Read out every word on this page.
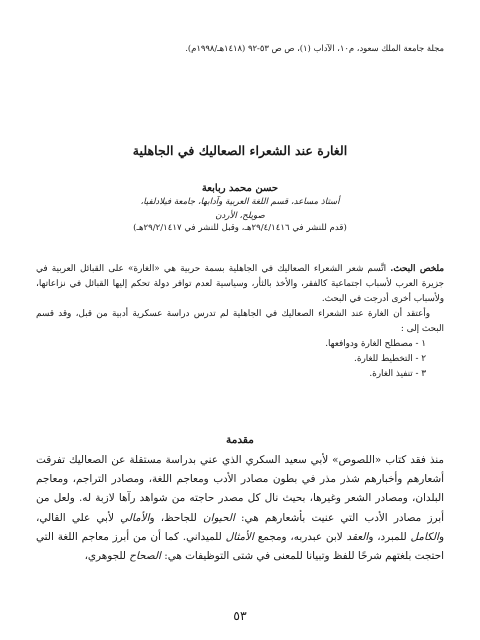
مجلة جامعة الملك سعود، م١٠، الآداب (١)، ص ص ٥٣-٩٢ (١٤١٨هـ/١٩٩٨م).
الغارة عند الشعراء الصعاليك في الجاهلية
حسن محمد ربابعة
أستاذ مساعد، قسم اللغة العربية وآدابها، جامعة فيلادلفيا،
صويلح، الأردن
(قدم للنشر في ٢٩/٤/١٤١٦هـ، وقبل للنشر في ٢٩/٢/١٤١٧هـ)

ملخص البحث. اتَّسم شعر الشعراء الصعاليك في الجاهلية بسمة حربية هي «الغارة» على القبائل العربية في جزيرة العرب لأسباب اجتماعية كالفقر، والأخذ بالثأر، وسياسية لعدم توافر دولة تحكم إليها القبائل في نزاعاتها، ولأسباب أخرى أدرجت في البحث.

وأعتقد أن الغارة عند الشعراء الصعاليك في الجاهلية لم تدرس دراسة عسكرية أدبية من قبل، وقد قسم البحث إلى :

١ - مصطلح الغارة ودوافعها.
٢ - التخطيط للغارة.
٣ - تنفيذ الغارة.
مقدمة

منذ فقد كتاب «اللصوص» لأبي سعيد السكري الذي عني بدراسة مستقلة عن الصعاليك تفرقت أشعارهم وأخبارهم شذر مذر في بطون مصادر الأدب ومعاجم اللغة، ومصادر التراجم، ومعاجم البلدان، ومصادر الشعر وغيرها، بحيث نال كل مصدر حاجته من شواهد رآها لازبة له. ولعل من أبرز مصادر الأدب التي عنيت بأشعارهم هي: الحيوان للجاحظ، والأمالي لأبي علي القالي، والكامل للمبرد، والعقد لابن عبدربه، ومجمع الأمثال للميداني. كما أن من أبرز معاجم اللغة التي احتجت بلغتهم شرحًا للفظ وتبيانا للمعنى في شتى التوظيفات هي: الصحاح للجوهري،

٥٣
